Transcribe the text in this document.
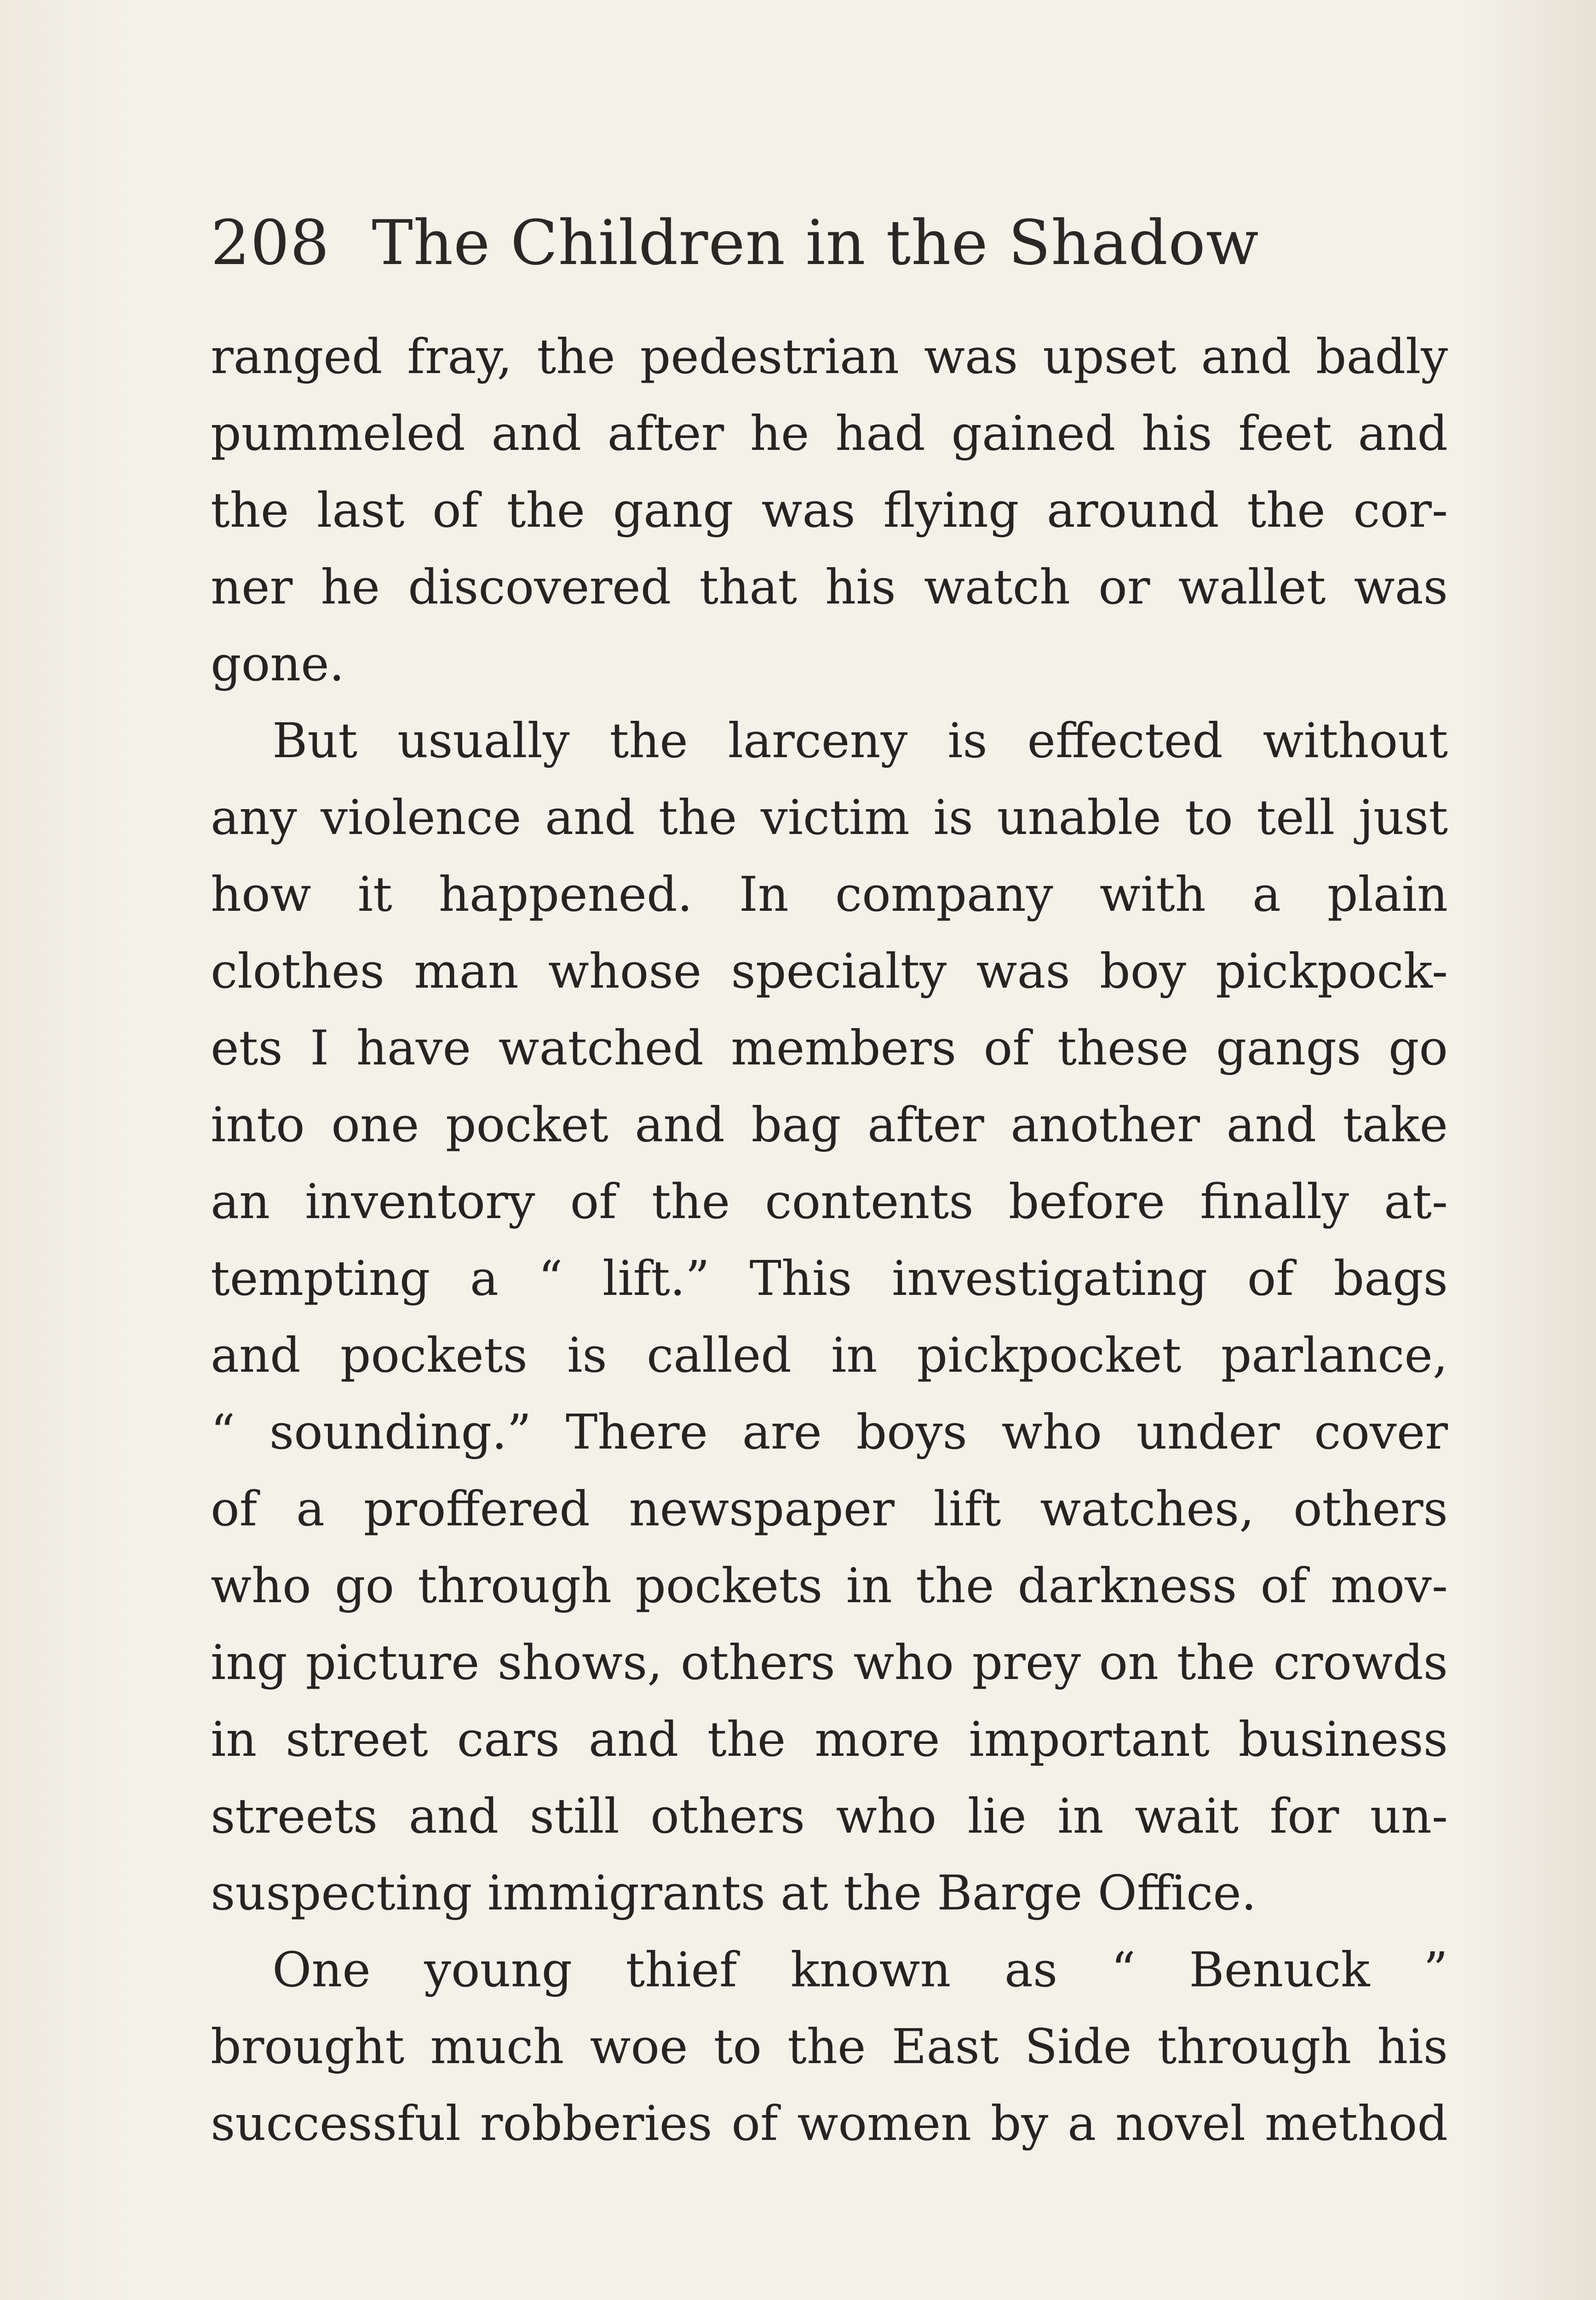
208 The Children in the Shadow
ranged fray, the pedestrian was upset and badly
pummeled and after he had gained his feet and
the last of the gang was flying around the cor-
ner he discovered that his watch or wallet was
gone.
But usually the larceny is effected without
any violence and the victim is unable to tell just
how it happened. In company with a plain
clothes man whose specialty was boy pickpock-
ets I have watched members of these gangs go
into one pocket and bag after another and take
an inventory of the contents before finally at-
tempting a “ lift.” This investigating of bags
and pockets is called in pickpocket parlance,
“ sounding.” There are boys who under cover
of a proffered newspaper lift watches, others
who go through pockets in the darkness of mov-
ing picture shows, others who prey on the crowds
in street cars and the more important business
streets and still others who lie in wait for un-
suspecting immigrants at the Barge Office.
One young thief known as “ Benuck ”
brought much woe to the East Side through his
successful robberies of women by a novel method
